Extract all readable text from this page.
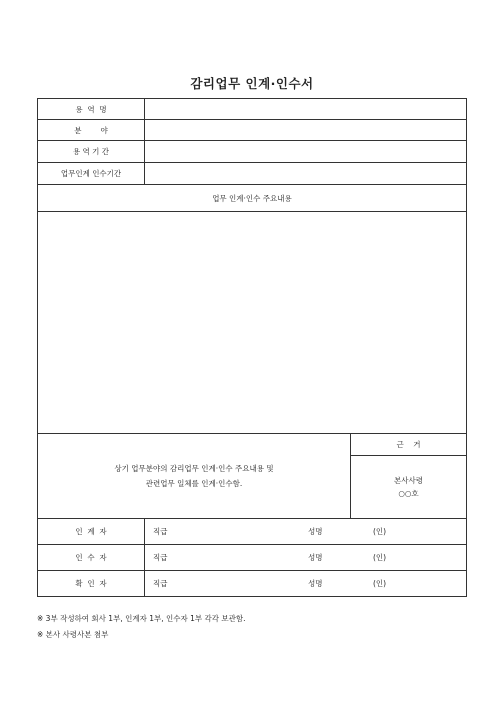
감리업무 인계·인수서
용  역  명
분        야
용 역 기 간
업무인계 인수기간
업무 인계·인수 주요내용
상기 업무분야의 감리업무 인계·인수 주요내용 및
관련업무 일체를 인계·인수함.
근    거
본사사령
○○호
인  계  자	직급	성명	(인)
인  수  자	직급	성명	(인)
확  인  자	직급	성명	(인)
※ 3부 작성하여 회사 1부, 인계자 1부, 인수자 1부 각각 보관함.
※ 본사 사령사본 첨부
